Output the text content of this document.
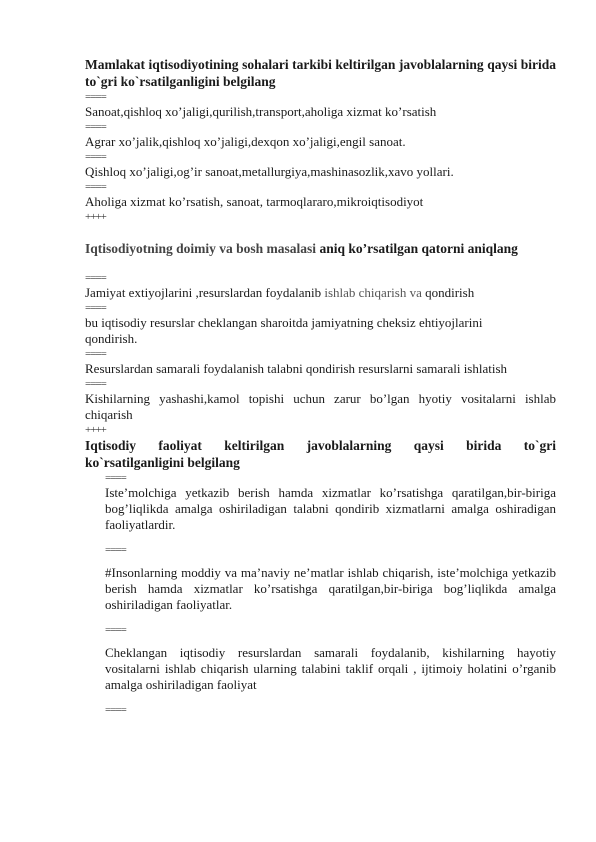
Mamlakat iqtisodiyotining sohalari tarkibi keltirilgan javoblalarning qaysi birida to`gri ko`rsatilganligini belgilang

====

Sanoat,qishloq xo’jaligi,qurilish,transport,aholiga xizmat ko’rsatish

====

Agrar xo’jalik,qishloq xo’jaligi,dexqon xo’jaligi,engil sanoat.

====

Qishloq xo’jaligi,og’ir sanoat,metallurgiya,mashinasozlik,xavo yollari.

====

Aholiga xizmat ko’rsatish, sanoat, tarmoqlararo,mikroiqtisodiyot

++++

Iqtisodiyotning doimiy va bosh masalasi aniq ko’rsatilgan qatorni aniqlang

====

Jamiyat extiyojlarini ,resurslardan foydalanib ishlab chiqarish va qondirish

====

bu iqtisodiy resurslar cheklangan sharoitda jamiyatning cheksiz ehtiyojlarini qondirish.

====

Resurslardan samarali foydalanish talabni qondirish resurslarni samarali ishlatish

====

Kishilarning yashashi,kamol topishi uchun zarur bo’lgan hyotiy vositalarni ishlab chiqarish

++++

Iqtisodiy faoliyat keltirilgan javoblalarning qaysi birida to`gri

ko`rsatilganligini belgilang

====

Iste’molchiga yetkazib berish hamda xizmatlar ko’rsatishga qaratilgan,bir-biriga bog’liqlikda amalga oshiriladigan talabni qondirib xizmatlarni amalga oshiradigan faoliyatlardir.

====

#Insonlarning moddiy va ma’naviy ne’matlar ishlab chiqarish, iste’molchiga yetkazib berish hamda xizmatlar ko’rsatishga qaratilgan,bir-biriga bog’liqlikda amalga oshiriladigan faoliyatlar.

====

Cheklangan iqtisodiy resurslardan samarali foydalanib, kishilarning hayotiy vositalarni ishlab chiqarish ularning talabini taklif orqali , ijtimoiy holatini o’rganib amalga oshiriladigan faoliyat

====
